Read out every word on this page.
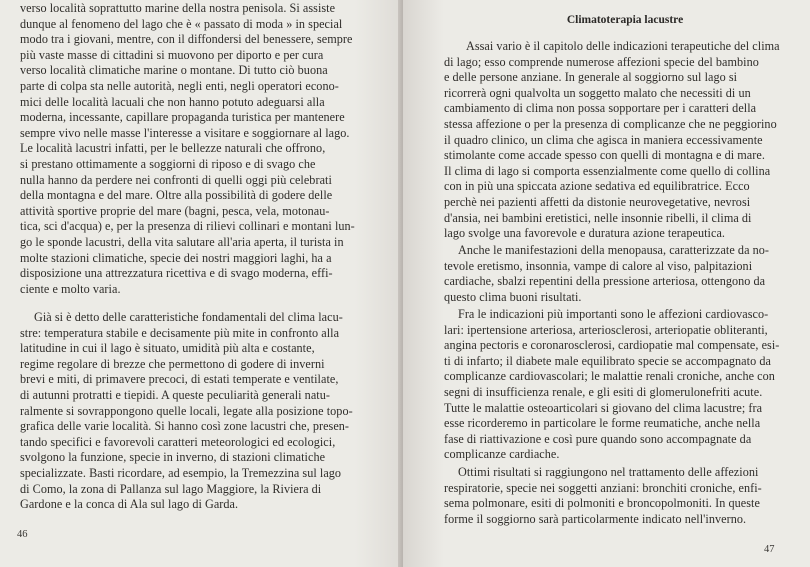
verso località soprattutto marine della nostra penisola. Si assiste
dunque al fenomeno del lago che è « passato di moda » in special
modo tra i giovani, mentre, con il diffondersi del benessere, sempre
più vaste masse di cittadini si muovono per diporto e per cura
verso località climatiche marine o montane. Di tutto ciò buona
parte di colpa sta nelle autorità, negli enti, negli operatori econo-
mici delle località lacuali che non hanno potuto adeguarsi alla
moderna, incessante, capillare propaganda turistica per mantenere
sempre vivo nelle masse l'interesse a visitare e soggiornare al lago.
Le località lacustri infatti, per le bellezze naturali che offrono,
si prestano ottimamente a soggiorni di riposo e di svago che
nulla hanno da perdere nei confronti di quelli oggi più celebrati
della montagna e del mare. Oltre alla possibilità di godere delle
attività sportive proprie del mare (bagni, pesca, vela, motonau-
tica, sci d'acqua) e, per la presenza di rilievi collinari e montani lun-
go le sponde lacustri, della vita salutare all'aria aperta, il turista in
molte stazioni climatiche, specie dei nostri maggiori laghi, ha a
disposizione una attrezzatura ricettiva e di svago moderna, effi-
ciente e molto varia.
Già si è detto delle caratteristiche fondamentali del clima lacu-
stre: temperatura stabile e decisamente più mite in confronto alla
latitudine in cui il lago è situato, umidità più alta e costante,
regime regolare di brezze che permettono di godere di inverni
brevi e miti, di primavere precoci, di estati temperate e ventilate,
di autunni protratti e tiepidi. A queste peculiarità generali natu-
ralmente si sovrappongono quelle locali, legate alla posizione topo-
grafica delle varie località. Si hanno così zone lacustri che, presen-
tando specifici e favorevoli caratteri meteorologici ed ecologici,
svolgono la funzione, specie in inverno, di stazioni climatiche
specializzate. Basti ricordare, ad esempio, la Tremezzina sul lago
di Como, la zona di Pallanza sul lago Maggiore, la Riviera di
Gardone e la conca di Ala sul lago di Garda.
46
Assai vario è il capitolo delle indicazioni terapeutiche del clima
di lago; esso comprende numerose affezioni specie del bambino
e delle persone anziane. In generale al soggiorno sul lago si
ricorrerà ogni qualvolta un soggetto malato che necessiti di un
cambiamento di clima non possa sopportare per i caratteri della
stessa affezione o per la presenza di complicanze che ne peggiorino
il quadro clinico, un clima che agisca in maniera eccessivamente
stimolante come accade spesso con quelli di montagna e di mare.
Il clima di lago si comporta essenzialmente come quello di collina
con in più una spiccata azione sedativa ed equilibratrice. Ecco
perchè nei pazienti affetti da distonie neurovegetative, nevrosi
d'ansia, nei bambini eretistici, nelle insonnie ribelli, il clima di
lago svolge una favorevole e duratura azione terapeutica.
Anche le manifestazioni della menopausa, caratterizzate da no-
tevole eretismo, insonnia, vampe di calore al viso, palpitazioni
cardiache, sbalzi repentini della pressione arteriosa, ottengono da
questo clima buoni risultati.
Fra le indicazioni più importanti sono le affezioni cardiovasco-
lari: ipertensione arteriosa, arteriosclerosi, arteriopatie obliteranti,
angina pectoris e coronarosclerosi, cardiopatie mal compensate, esi-
ti di infarto; il diabete male equilibrato specie se accompagnato da
complicanze cardiovascolari; le malattie renali croniche, anche con
segni di insufficienza renale, e gli esiti di glomerulonefriti acute.
Tutte le malattie osteoarticolari si giovano del clima lacustre; fra
esse ricorderemo in particolare le forme reumatiche, anche nella
fase di riattivazione e così pure quando sono accompagnate da
complicanze cardiache.
Ottimi risultati si raggiungono nel trattamento delle affezioni
respiratorie, specie nei soggetti anziani: bronchiti croniche, enfi-
sema polmonare, esiti di polmoniti e broncopolmoniti. In queste
forme il soggiorno sarà particolarmente indicato nell'inverno.
47
Climatoterapia lacustre
